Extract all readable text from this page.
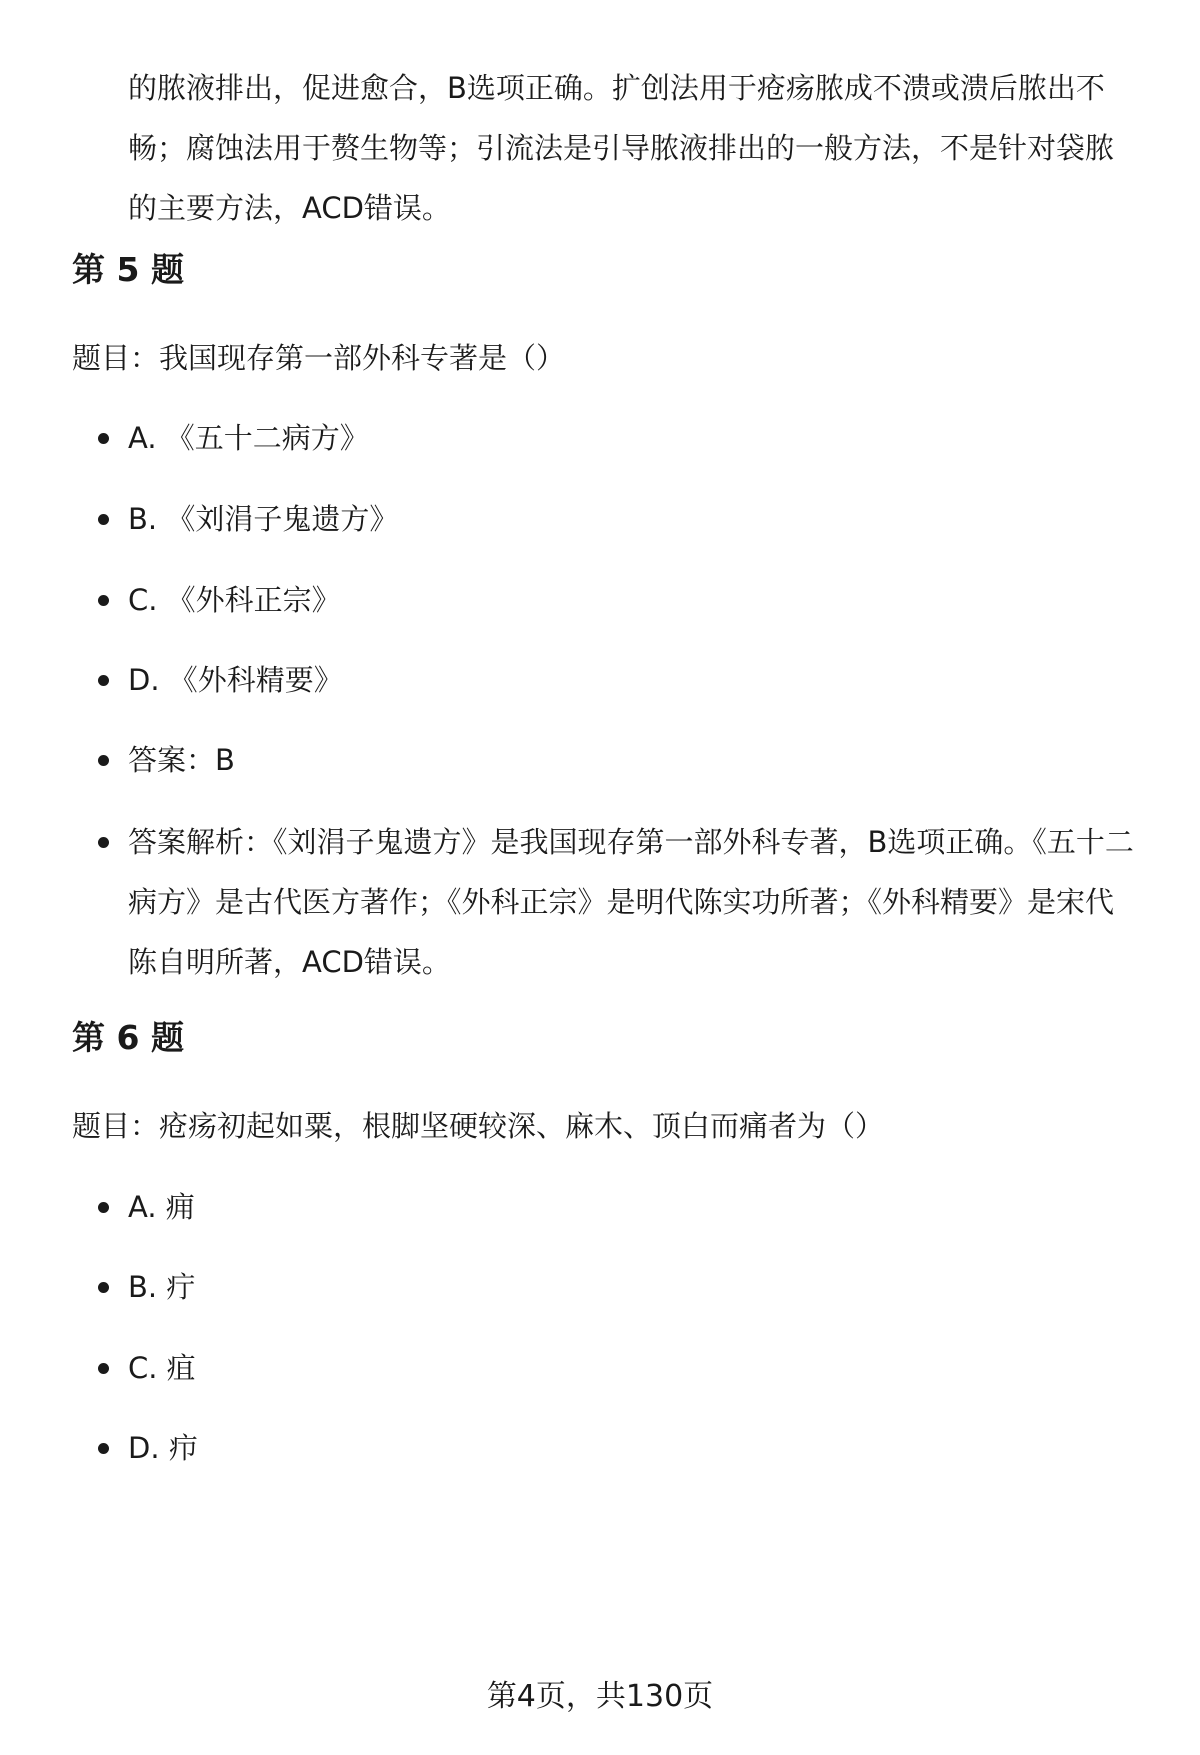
的脓液排出，促进愈合，B选项正确。扩创法用于疮疡脓成不溃或溃后脓出不畅；腐蚀法用于赘生物等；引流法是引导脓液排出的一般方法，不是针对袋脓的主要方法，ACD错误。
第 5 题
题目：我国现存第一部外科专著是（）
A. 《五十二病方》
B. 《刘涓子鬼遗方》
C. 《外科正宗》
D. 《外科精要》
答案：B
答案解析：《刘涓子鬼遗方》是我国现存第一部外科专著，B选项正确。《五十二病方》是古代医方著作；《外科正宗》是明代陈实功所著；《外科精要》是宋代陈自明所著，ACD错误。
第 6 题
题目：疮疡初起如粟，根脚坚硬较深、麻木、顶白而痛者为（）
A. 痈
B. 疔
C. 疽
D. 疖
第4页，共130页
